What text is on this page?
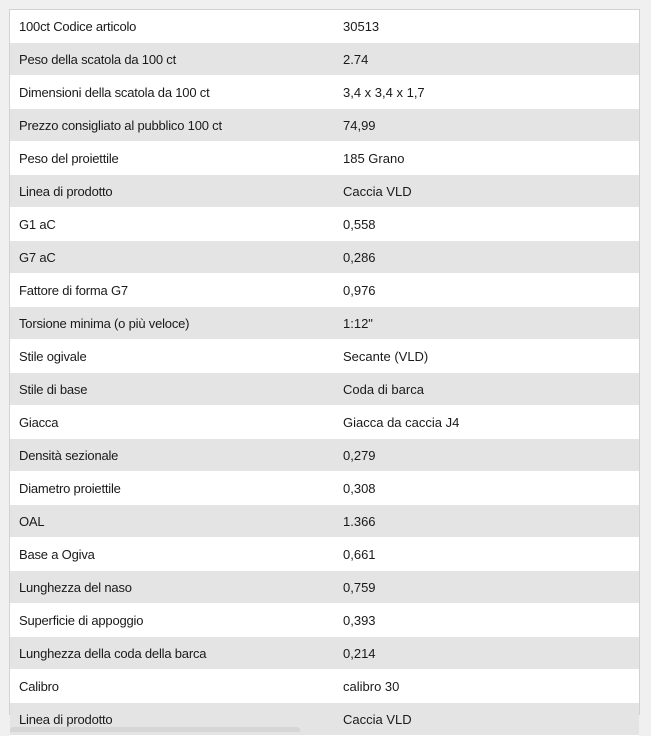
100ct Codice articolo	30513
Peso della scatola da 100 ct	2.74
Dimensioni della scatola da 100 ct	3,4 x 3,4 x 1,7
Prezzo consigliato al pubblico 100 ct	74,99
Peso del proiettile	185 Grano
Linea di prodotto	Caccia VLD
G1 aC	0,558
G7 aC	0,286
Fattore di forma G7	0,976
Torsione minima (o più veloce)	1:12"
Stile ogivale	Secante (VLD)
Stile di base	Coda di barca
Giacca	Giacca da caccia J4
Densità sezionale	0,279
Diametro proiettile	0,308
OAL	1.366
Base a Ogiva	0,661
Lunghezza del naso	0,759
Superficie di appoggio	0,393
Lunghezza della coda della barca	0,214
Calibro	calibro 30
Linea di prodotto	Caccia VLD
